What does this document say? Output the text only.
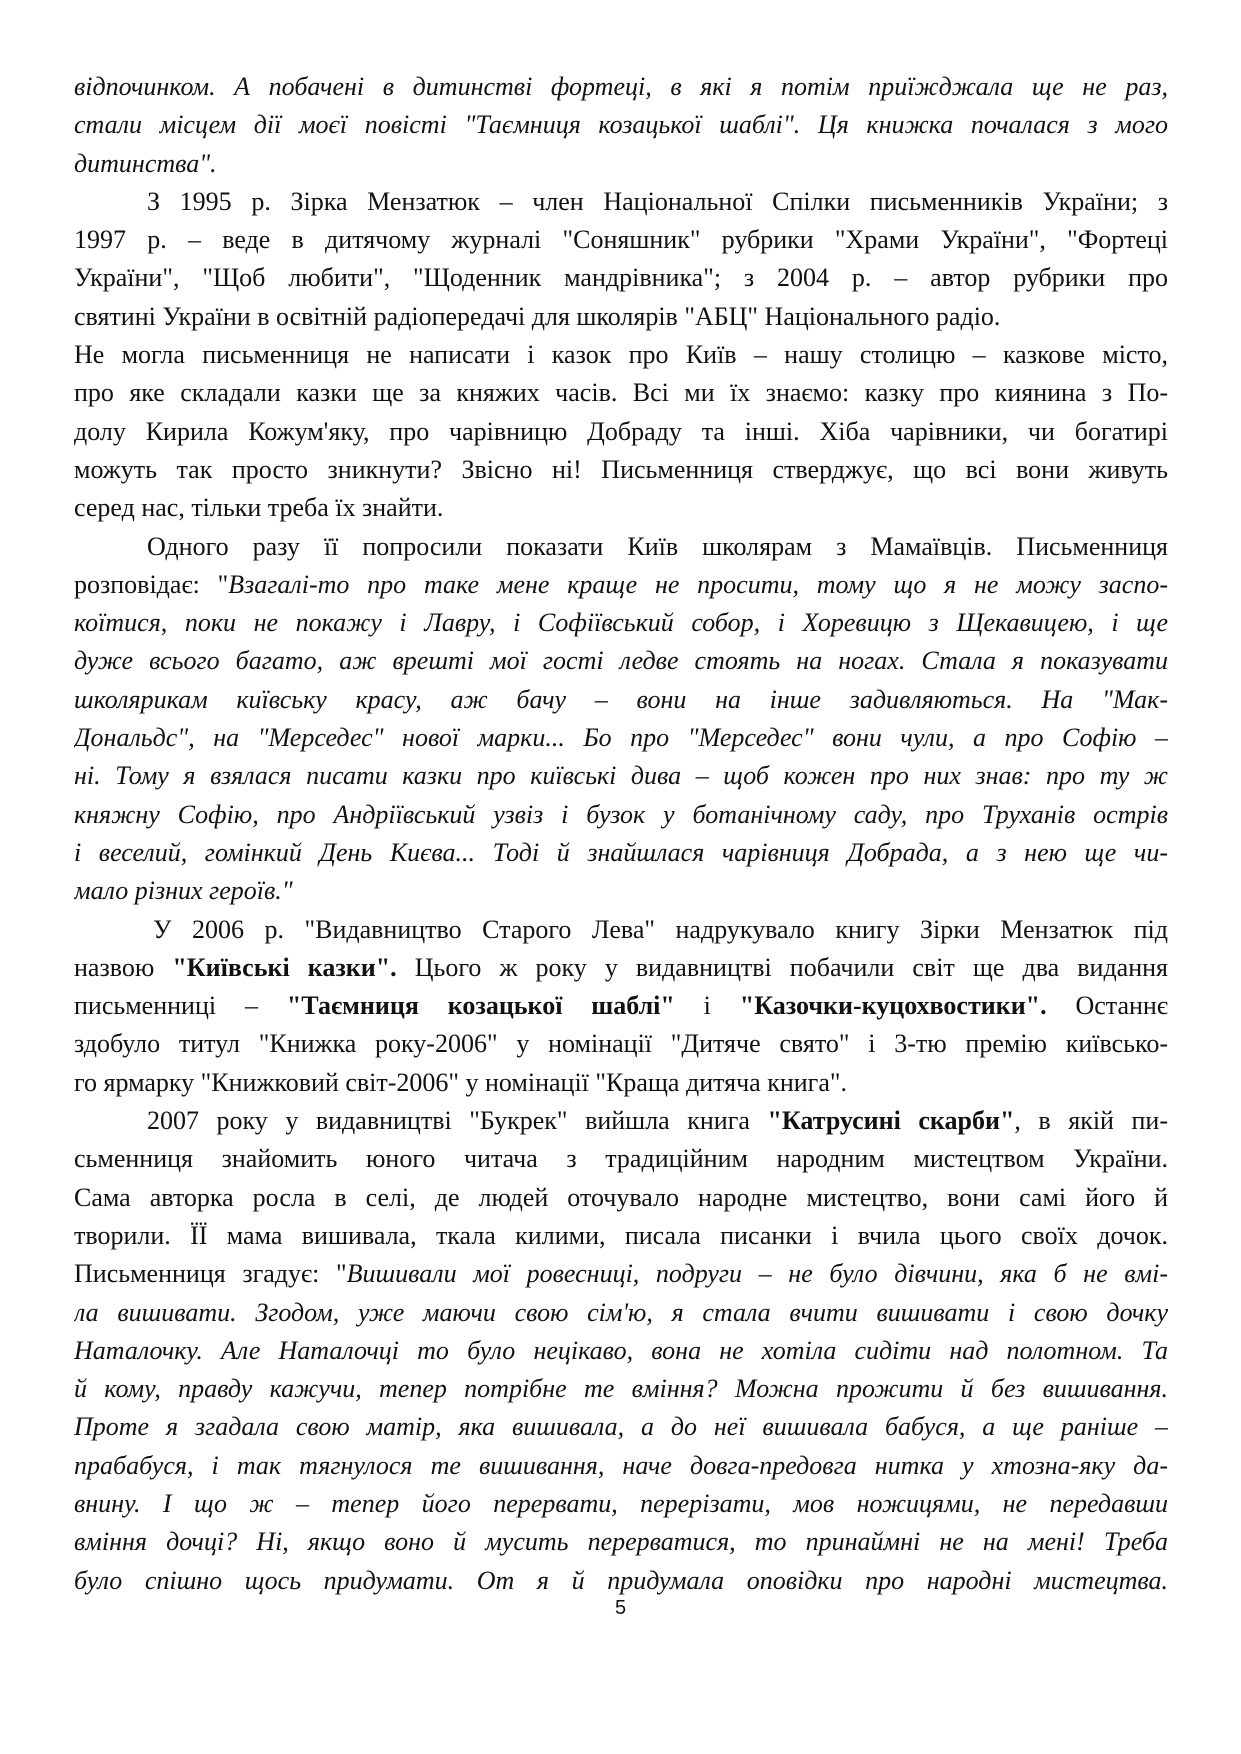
відпочинком. А побачені в дитинстві фортеці, в які я потім приїжджала ще не раз,
стали місцем дії моєї повісті "Таємниця козацької шаблі". Ця книжка почалася з мого
дитинства".
З 1995 р. Зірка Мензатюк – член Національної Спілки письменників України; з
1997 р. – веде в дитячому журналі "Соняшник" рубрики "Храми України", "Фортеці
України", "Щоб любити", "Щоденник мандрівника"; з 2004 р. – автор рубрики про
святині України в освітній радіопередачі для школярів "АБЦ" Національного радіо.
Не могла письменниця не написати і казок про Київ – нашу столицю – казкове місто,
про яке складали казки ще за княжих часів. Всі ми їх знаємо: казку про киянина з По-
долу Кирила Кожум'яку, про чарівницю Добраду та інші. Хіба чарівники, чи богатирі
можуть так просто зникнути? Звісно ні! Письменниця стверджує, що всі вони живуть
серед нас, тільки треба їх знайти.
Одного разу її попросили показати Київ школярам з Мамаївців. Письменниця
розповідає: "Взагалі-то про таке мене краще не просити, тому що я не можу заспо-
коїтися, поки не покажу і Лавру, і Софіївський собор, і Хоревицю з Щекавицею, і ще
дуже всього багато, аж врешті мої гості ледве стоять на ногах. Стала я показувати
школярикам київську красу, аж бачу – вони на інше задивляються. На "Мак-
Дональдс", на "Мерседес" нової марки... Бо про "Мерседес" вони чули, а про Софію –
ні. Тому я взялася писати казки про київські дива – щоб кожен про них знав: про ту ж
княжну Софію, про Андріївський узвіз і бузок у ботанічному саду, про Труханів острів
і веселий, гомінкий День Києва... Тоді й знайшлася чарівниця Добрада, а з нею ще чи-
мало різних героїв."
У 2006 р. "Видавництво Старого Лева" надрукувало книгу Зірки Мензатюк під
назвою "Київські казки". Цього ж року у видавництві побачили світ ще два видання
письменниці – "Таємниця козацької шаблі" і "Казочки-куцохвостики". Останнє
здобуло титул "Книжка року-2006" у номінації "Дитяче свято" і 3-тю премію київсько-
го ярмарку "Книжковий світ-2006" у номінації "Краща дитяча книга".
2007 року у видавництві "Букрек" вийшла книга "Катрусині скарби", в якій пи-
сьменниця знайомить юного читача з традиційним народним мистецтвом України.
Сама авторка росла в селі, де людей оточувало народне мистецтво, вони самі його й
творили. ЇЇ мама вишивала, ткала килими, писала писанки і вчила цього своїх дочок.
Письменниця згадує: "Вишивали мої ровесниці, подруги – не було дівчини, яка б не вмі-
ла вишивати. Згодом, уже маючи свою сім'ю, я стала вчити вишивати і свою дочку
Наталочку. Але Наталочці то було нецікаво, вона не хотіла сидіти над полотном. Та
й кому, правду кажучи, тепер потрібне те вміння? Можна прожити й без вишивання.
Проте я згадала свою матір, яка вишивала, а до неї вишивала бабуся, а ще раніше –
прабабуся, і так тягнулося те вишивання, наче довга-предовга нитка у хтозна-яку да-
внину. І що ж – тепер його перервати, перерізати, мов ножицями, не передавши
вміння дочці? Ні, якщо воно й мусить перерватися, то принаймні не на мені! Треба
було спішно щось придумати. От я й придумала оповідки про народні мистецтва.
5
